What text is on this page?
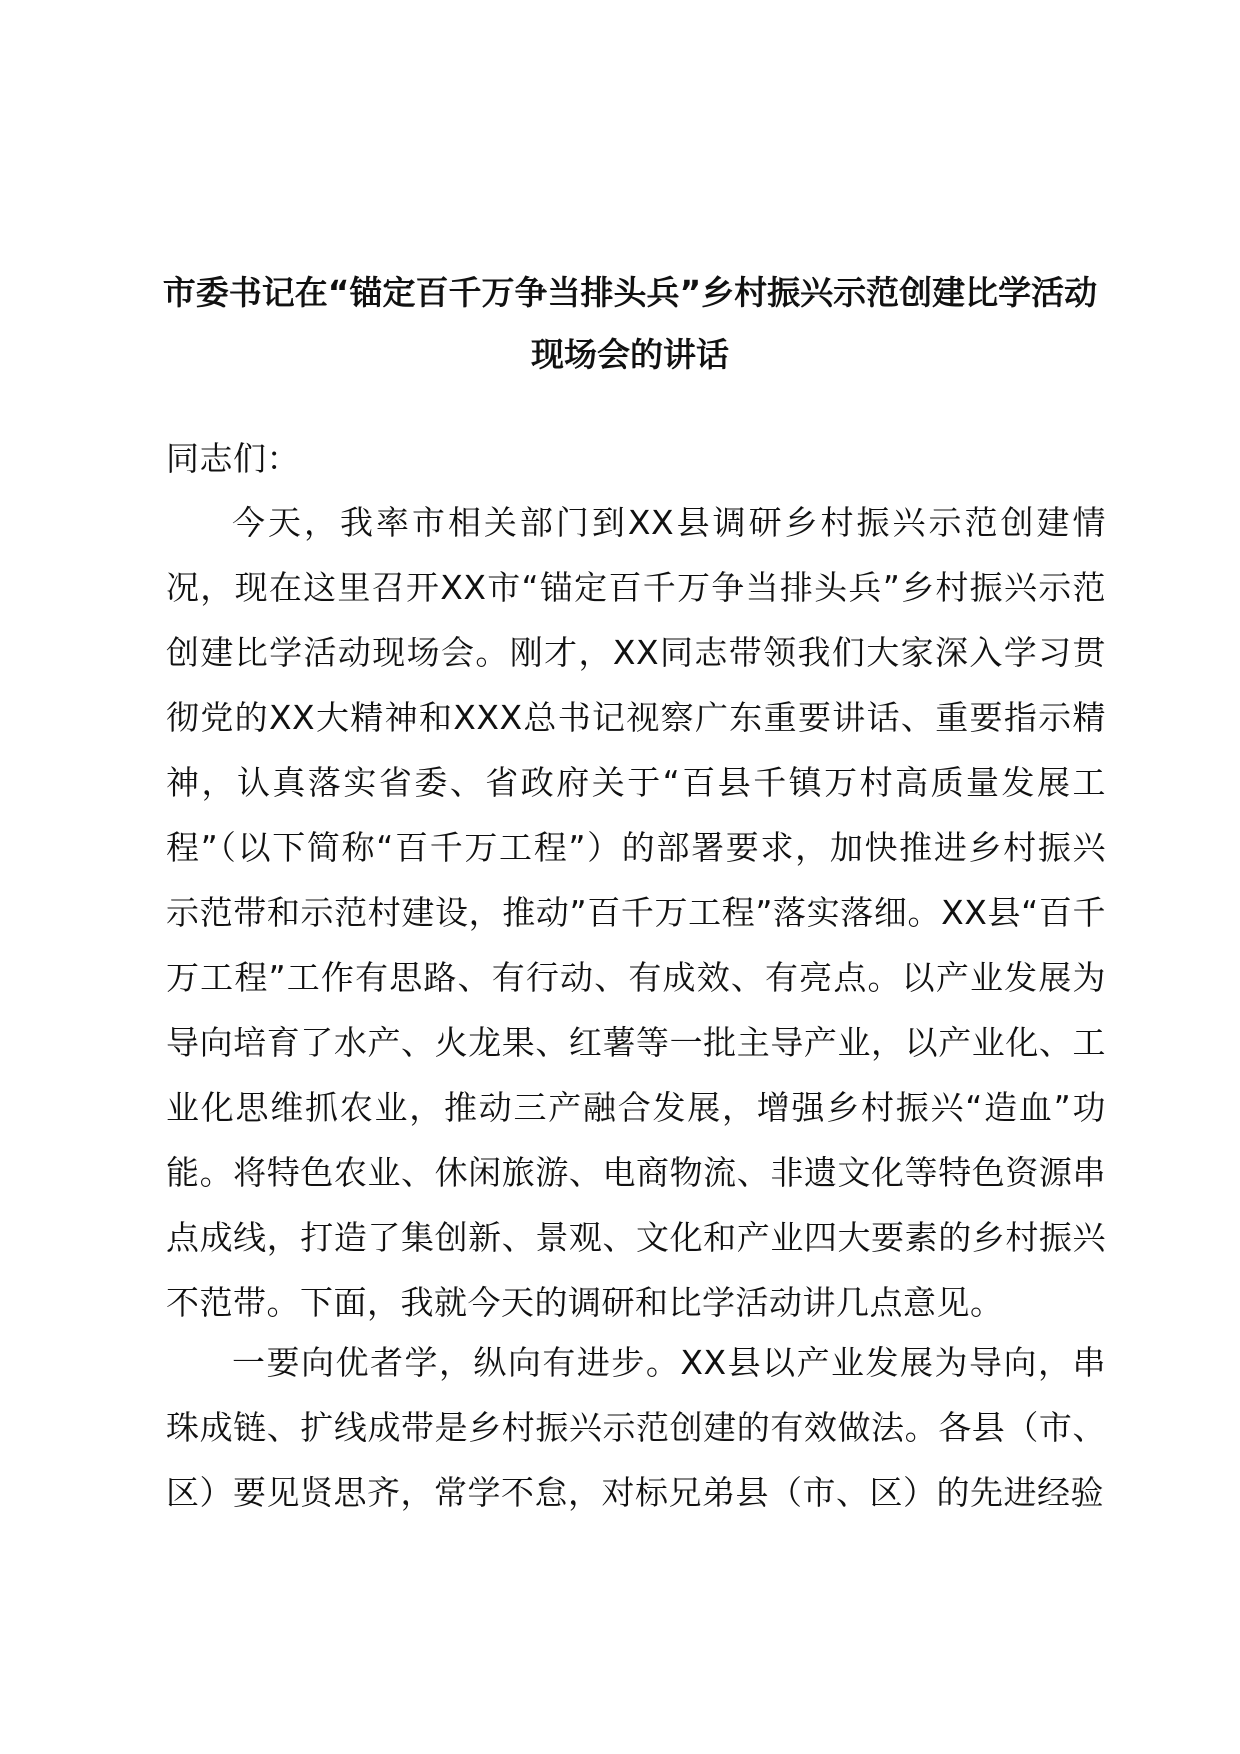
市委书记在“锚定百千万争当排头兵”乡村振兴示范创建比学活动现场会的讲话

同志们：

今天，我率市相关部门到XX县调研乡村振兴示范创建情况，现在这里召开XX市“锚定百千万争当排头兵”乡村振兴示范创建比学活动现场会。刚才，XX同志带领我们大家深入学习贯彻党的XX大精神和XXX总书记视察广东重要讲话、重要指示精神，认真落实省委、省政府关于“百县千镇万村高质量发展工程”（以下简称“百千万工程”）的部署要求，加快推进乡村振兴示范带和示范村建设，推动”百千万工程”落实落细。XX县“百千万工程”工作有思路、有行动、有成效、有亮点。以产业发展为导向培育了水产、火龙果、红薯等一批主导产业，以产业化、工业化思维抓农业，推动三产融合发展，增强乡村振兴“造血”功能。将特色农业、休闲旅游、电商物流、非遗文化等特色资源串点成线，打造了集创新、景观、文化和产业四大要素的乡村振兴不范带。下面，我就今天的调研和比学活动讲几点意见。

一要向优者学，纵向有进步。XX县以产业发展为导向，串珠成链、扩线成带是乡村振兴示范创建的有效做法。各县（市、区）要见贤思齐，常学不怠，对标兄弟县（市、区）的先进经验
